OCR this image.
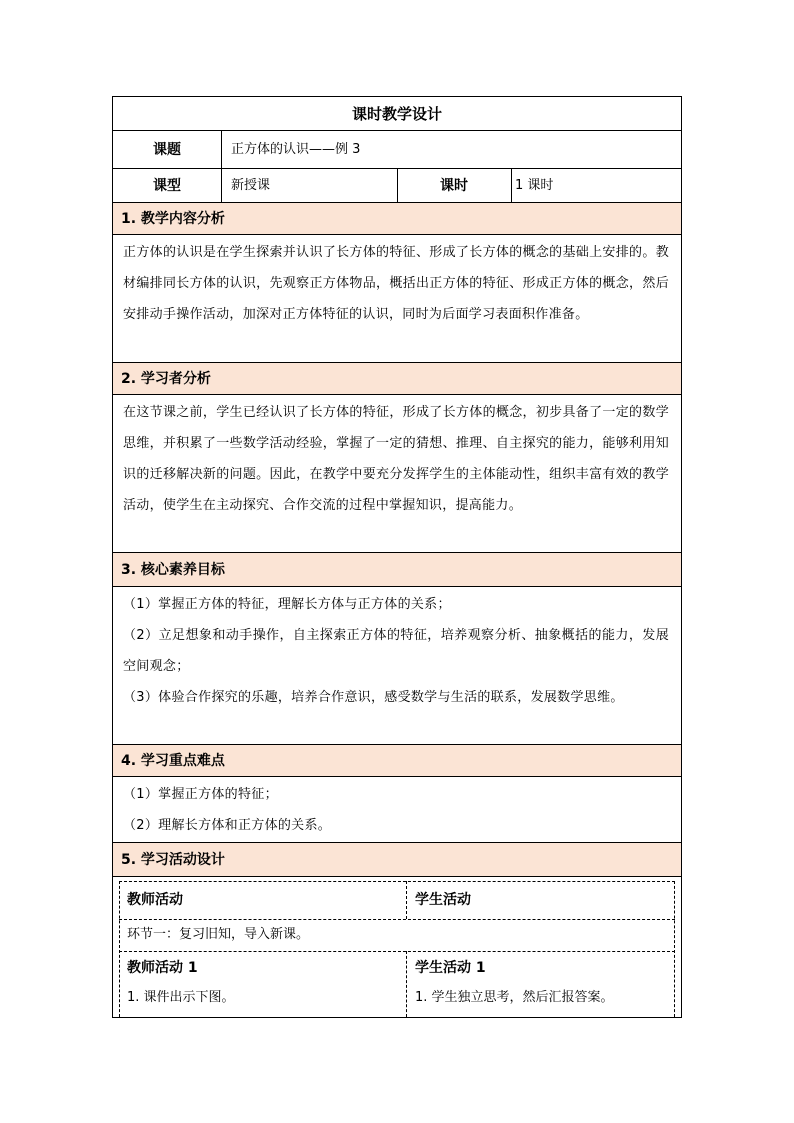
课时教学设计
课题	正方体的认识——例 3
课型	新授课	课时	1 课时
1. 教学内容分析

正方体的认识是在学生探索并认识了长方体的特征、形成了长方体的概念的基础上安排的。教材编排同长方体的认识，先观察正方体物品，概括出正方体的特征、形成正方体的概念，然后安排动手操作活动，加深对正方体特征的认识，同时为后面学习表面积作准备。

2. 学习者分析

在这节课之前，学生已经认识了长方体的特征，形成了长方体的概念，初步具备了一定的数学思维，并积累了一些数学活动经验，掌握了一定的猜想、推理、自主探究的能力，能够利用知识的迁移解决新的问题。因此，在教学中要充分发挥学生的主体能动性，组织丰富有效的教学活动，使学生在主动探究、合作交流的过程中掌握知识，提高能力。

3. 核心素养目标

（1）掌握正方体的特征，理解长方体与正方体的关系；

（2）立足想象和动手操作，自主探索正方体的特征，培养观察分析、抽象概括的能力，发展空间观念；

（3）体验合作探究的乐趣，培养合作意识，感受数学与生活的联系，发展数学思维。

4. 学习重点难点

（1）掌握正方体的特征；

（2）理解长方体和正方体的关系。

5. 学习活动设计
教师活动	学生活动
环节一：复习旧知，导入新课。
教师活动 1	学生活动 1
1. 课件出示下图。	1. 学生独立思考，然后汇报答案。
